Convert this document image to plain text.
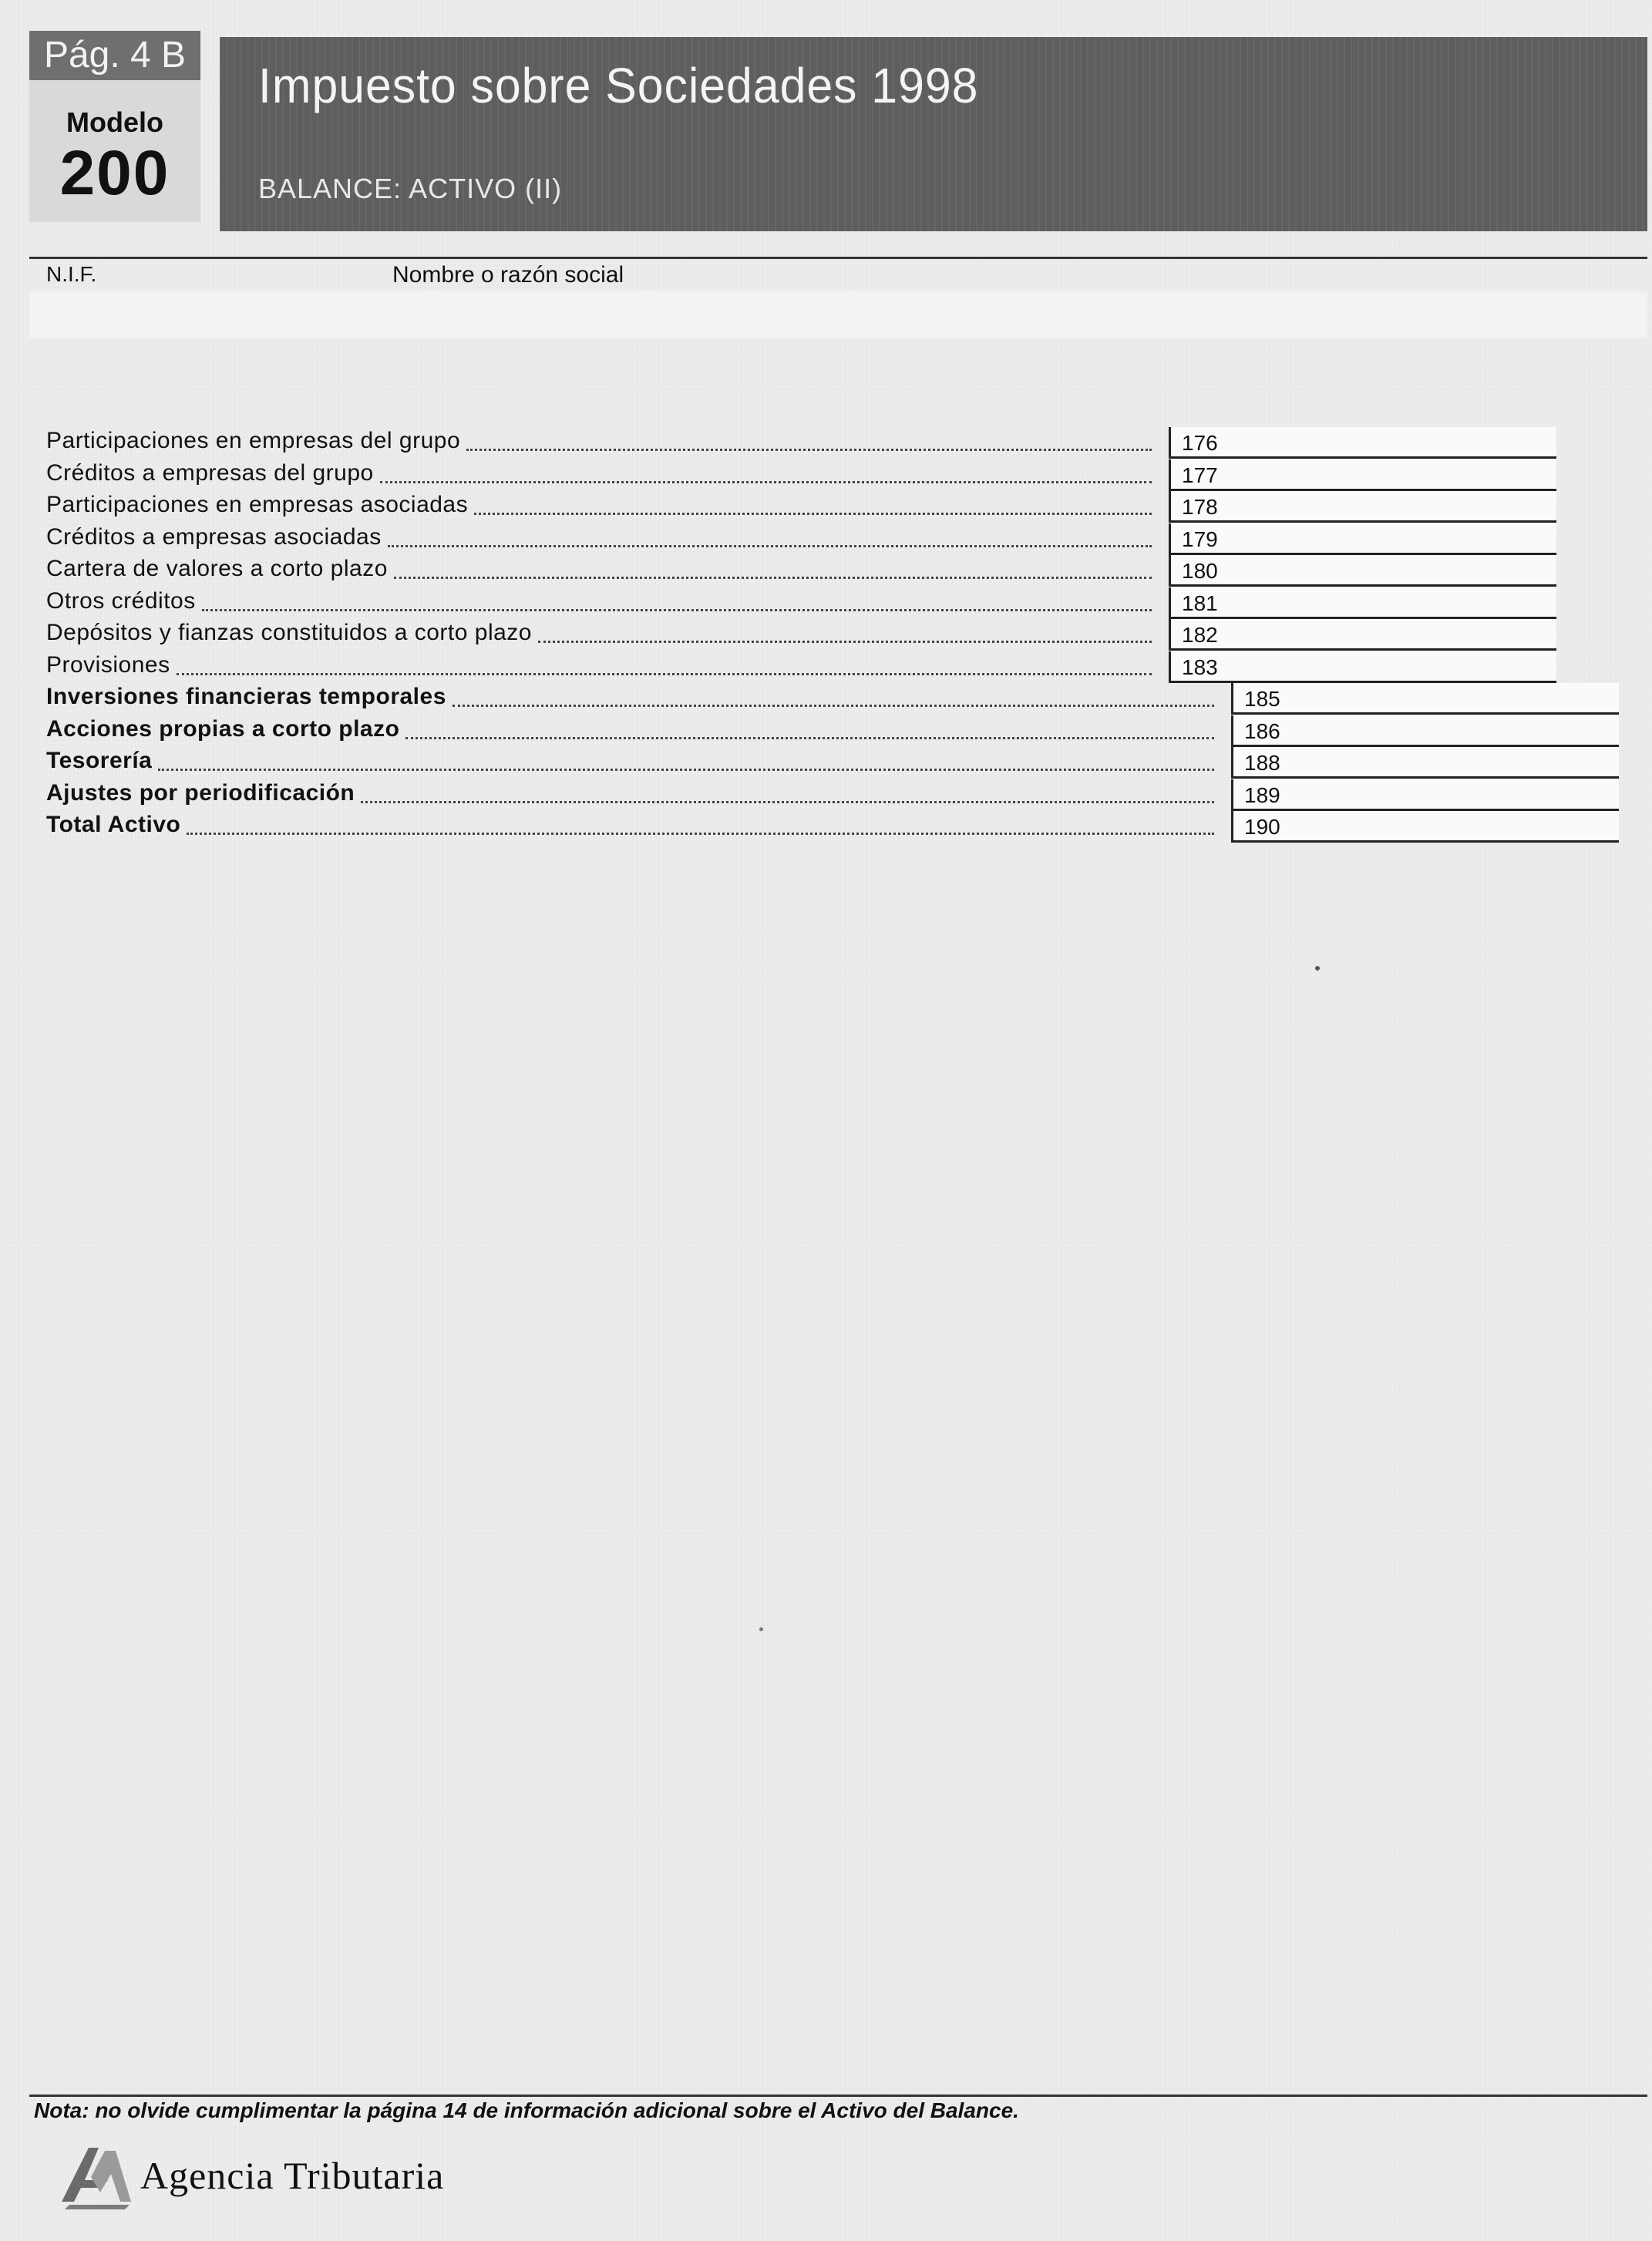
Pág. 4 B
Modelo
200
Impuesto sobre Sociedades 1998
BALANCE: ACTIVO (II)
N.I.F.	Nombre o razón social
Participaciones en empresas del grupo	176
Créditos a empresas del grupo	177
Participaciones en empresas asociadas	178
Créditos a empresas asociadas	179
Cartera de valores a corto plazo	180
Otros créditos	181
Depósitos y fianzas constituidos a corto plazo	182
Provisiones	183
Inversiones financieras temporales	185
Acciones propias a corto plazo	186
Tesorería	188
Ajustes por periodificación	189
Total Activo	190
Nota: no olvide cumplimentar la página 14 de información adicional sobre el Activo del Balance.
Agencia Tributaria
